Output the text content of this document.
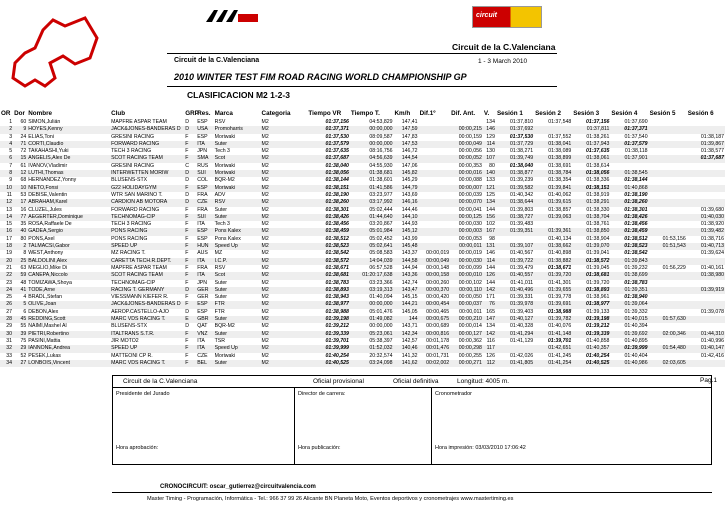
circuit
Circuit de la C.Valenciana
Circuit de la C.Valenciana	1 - 3 March 2010
2010 WINTER TEST FIM ROAD RACING WORLD CHAMPIONSHIP GP
CLASIFICACION M2 1-2-3
OR	Dor	Nombre	Club	GRP	Res.	Marca	Categoria	Tiempo VR	Tiempo T.	Km/h	Dif.1º	Dif. Ant.	V.	Sesión 1	Sesión 2	Sesión 3	Sesión 4	Sesión 5	Sesión 6
1	60	SIMON,Julián	MAPFRE ASPAR TEAM	D	ESP	RSV	M2	01:37,156	04:53,829	147,41			134	01:37,810	01:37,548	01:37,156	01:37,690		
2	9	HOYES,Kenny	JACK&JONES-BANDERAS D	D	USA	Promoharris	M2	01:37,371	00:00,000	147,59		00:00,215	146	01:37,692		01:37,811	01:37,371		
3	24	ELIAS,Toni	GRESINI RACING	F	ESP	Moriwaki	M2	01:37,530	08:09,587	147,83		00:00,159	129	01:37,530	01:37,552	01:38,261	01:37,540		01:38,187
4	71	CORTI,Claudio	FORWARD RACING	F	ITA	Suter	M2	01:37,579	00:00,000	147,53		00:00,049	114	01:37,729	01:38,041	01:37,943	01:37,579		01:39,867
5	72	TAKAHASHI,Yuki	TECH 3 RACING	F	JPN	Tech 3	M2	01:37,635	08:16,756	146,72		00:00,056	130	01:38,271	01:38,089	01:37,635	01:38,118		01:38,577
6	15	ANGELIS,Alex De	SCOT RACING TEAM	F	SMA	Scot	M2	01:37,687	04:56,639	144,54		00:00,052	107	01:39,749	01:38,899	01:38,061	01:37,901		01:37,687
7	61	IVANOV,Vladimir	GRESINI RACING	C	RUS	Moriwaki	M2	01:38,040	04:55,930	147,06		00:00,353	80	01:38,040	01:38,691	01:38,614			
8	12	LUTHI,Thomas	INTERWETTEN MORIW	D	SUI	Moriwaki	M2	01:38,056	01:38,681	145,82		00:00,016	140	01:38,877	01:38,784	01:38,056	01:38,545		
9	68	HERNANDEZ,Yonny	BLUSENS-STX	D	COL	BQR-M2	M2	01:38,144	01:38,601	145,29		00:00,088	133	01:39,239	01:38,354	01:38,336	01:38,144		
10	10	NIETO,Fonsi	G22 HOLIDAYGYM	F	ESP	Moriwaki	M2	01:38,151	01:41,586	144,79		00:00,007	121	01:39,582	01:39,841	01:38,151	01:40,868		
11	53	DEBISE,Valentin	WTR SAN MARINO T.	D	FRA	ADV	M2	01:38,190	03:23,977	143,69		00:00,039	125	01:40,342	01:40,062	01:38,919	01:38,190		
12	17	ABRAHAM,Karel	CARDION AB MOTORA	D	CZE	RSV	M2	01:38,260	03:17,992	146,16		00:00,070	134	01:38,644	01:39,615	01:38,291	01:38,260		
13	16	CLUZEL,Jules	FORWARD RACING	F	FRA	Suter	M2	01:38,301	05:02,444	144,46		00:00,041	144	01:39,803	01:38,857	01:38,330	01:38,301		01:39,680
14	77	AEGERTER,Dominique	TECHNOMAG-CIP	F	SUI	Suter	M2	01:38,426	01:44,640	144,10		00:00,125	156	01:38,727	01:39,063	01:38,704	01:38,426		01:40,030
15	35	ROSA,Raffaele De	TECH 3 RACING	F	ITA	Tech 3	M2	01:38,456	03:20,867	144,93		00:00,030	102	01:39,483		01:38,761	01:38,456		01:38,920
16	40	GADEA,Sergio	PONS RACING	F	ESP	Pons Kalex	M2	01:38,459	05:01,984	145,12		00:00,003	167	01:39,351	01:39,361	01:38,850	01:38,459		01:39,482
17	80	PONS,Axel	PONS RACING	F	ESP	Pons Kalex	M2	01:38,512	05:02,452	143,99		00:00,053	98		01:40,134	01:38,904	01:38,512	01:53,156	01:38,716
18	2	TALMACSI,Gabor	SPEED UP	F	HUN	Speed Up	M2	01:38,523	05:02,641	145,48		00:00,011	131	01:39,107	01:38,662	01:39,070	01:38,523	01:51,543	01:40,713
19	8	WEST,Anthony	MZ RACING T.	F	AUS	MZ	M2	01:38,542	05:08,583	143,37	00:00,019	00:00,019	146	01:40,567	01:40,898	01:39,041	01:38,542		01:39,624
20	25	BALDOLINI,Alex	CARETTA TECH.R.DEPT.	F	ITA	I.C.P.	M2	01:38,572	14:04,039	144,58	00:00,049	00:00,030	114	01:39,722	01:38,882	01:38,572	01:39,843		
21	63	MEGLIO,Mike Di	MAPFRE ASPAR TEAM	F	FRA	RSV	M2	01:38,671	06:57,528	144,94	00:00,148	00:00,099	144	01:39,479	01:38,671	01:39,045	01:39,232	01:56,229	01:40,161
22	59	CANEPA,Niccolo	SCOT RACING TEAM	F	ITA	Scot	M2	01:38,681	01:20:17,638	143,36	00:00,158	00:00,010	126	01:40,557	01:39,720	01:38,681	01:38,699		01:38,980
23	48	TOMIZAWA,Shoya	TECHNOMAG-CIP	F	JPN	Suter	M2	01:38,783	03:23,366	142,74	00:00,260	00:00,102	144	01:41,011	01:41,301	01:39,720	01:38,783		
24	41	TODE,Arne	RACING T. GERMANY	D	GER	Suter	M2	01:38,893	03:19,313	143,47	00:00,370	00:00,110	142	01:40,496	01:39,655	01:38,893	01:39,351		01:39,919
25	4	BRADL,Stefan	VIESSMANN KIEFER R.	F	GER	Suter	M2	01:38,943	01:40,094	145,15	00:00,420	00:00,050	171	01:39,331	01:39,778	01:38,961	01:38,940		
26	5	OLIVE,Joan	JACK&JONES-BANDERAS D	F	ESP	FTR	M2	01:38,977	00:00,000	144,21	00:00,454	00:00,037	76	01:39,978	01:39,691	01:38,977	01:39,064		
27	6	DEBON,Alex	AEROP.CASTELLO-AJO	D	ESP	FTR	M2	01:38,988	05:01,476	145,05	00:00,465	00:00,011	165	01:39,403	01:38,988	01:39,133	01:39,332		01:39,078
28	45	REDDING,Scott	MARC VDS RACING T.	E	GBR	Suter	M2	01:39,198	01:49,082	144	00:00,675	00:00,210	147	01:40,127	01:39,782	01:39,198	01:40,015	01:57,630	
29	55	NAIMI,Mashel Al	BLUSENS-STX	D	QAT	BQR-M2	M2	01:39,212	00:00,000	143,71	00:00,689	00:00,014	134	01:40,328	01:40,076	01:39,212	01:40,394		
30	39	PIETRI,Robertino	ITALTRANS S.T.R.	F	VNZ	Suter	M2	01:39,339	05:23,061	142,34	00:00,816	00:00,127	142	01:41,294	01:41,148	01:39,339	01:39,692	02:00,346	01:44,310
31	75	PASINI,Mattia	JIR MOTO2	F	ITA	TSR	M2	01:39,701	05:38,397	142,57	00:01,178	00:00,362	116	01:41,129	01:39,701	01:40,858	01:40,895		01:40,996
32	29	IANNONE,Andrea	SPEED UP	F	ITA	Speed Up	M2	01:39,999	01:52,032	140,46	00:01,476	00:00,298	117		01:42,651	01:40,357	01:39,999	01:54,480	01:40,147
33	52	PESEK,Lukas	MATTEONI CP R.	F	CZE	Moriwaki	M2	01:40,254	20:32,574	141,32	00:01,731	00:00,255	126	01:42,026	01:41,245	01:40,254	01:40,404		01:42,416
34	27	LONBOIS,Vincent	MARC VDS RACING T.	F	BEL	Suter	M2	01:40,525	03:24,098	141,62	00:02,002	00:00,271	112	01:41,805	01:41,254	01:40,525	01:40,986	02:03,605	
Circuit de la C.Valenciana	Oficial provisional	Oficial definitiva	Longitud: 4005 m.
Presidente del Jurado
Hora aprobación:
Director de carrera:
Hora publicación:
Cronometrador
Hora impresión: 03/03/2010 17:06:42
Pag.1
CRONOCIRCUIT: oscar_gutierrez@circuitvalencia.com
Master Timing - Programación, Informática - Tel.: 966 37 99 26 Alicante BN Planeta Moto, Eventos deportivos y cronometrajes www.mastertiming.es
